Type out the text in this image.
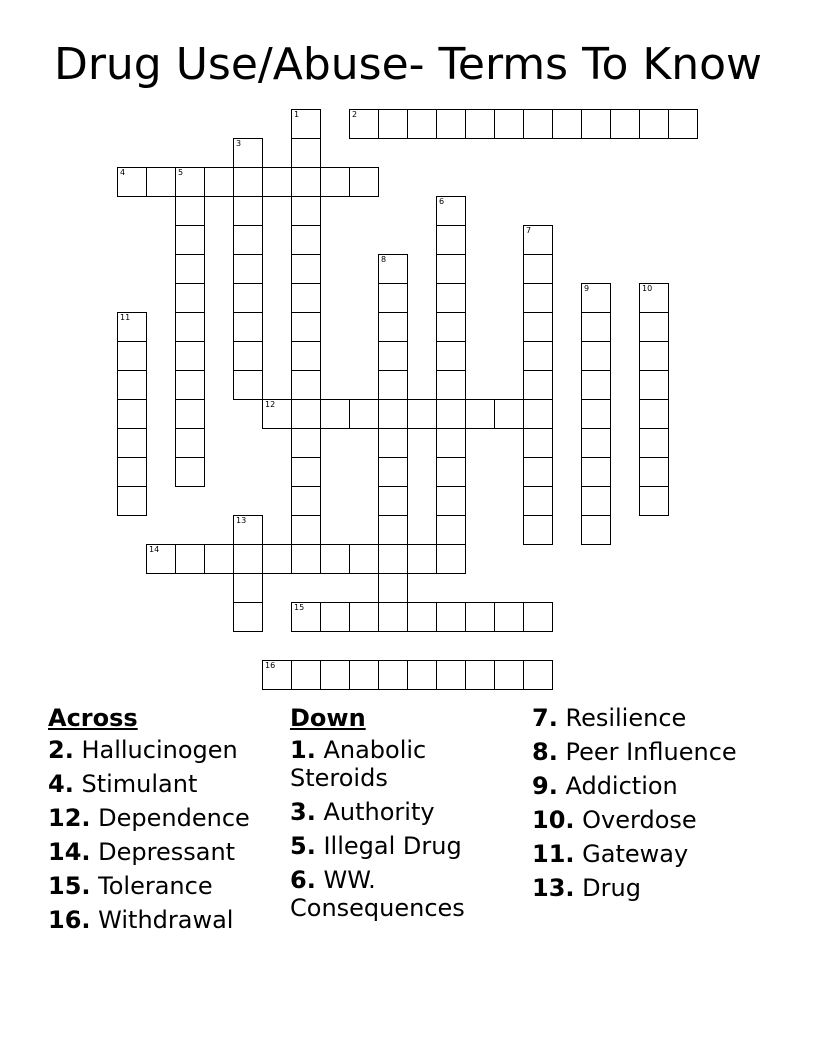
Drug Use/Abuse- Terms To Know
1	2
3
4	5
6
7
8
9	10
11
12
13
14
15
16
Across
2. Hallucinogen
4. Stimulant
12. Dependence
14. Depressant
15. Tolerance
16. Withdrawal
Down
1. Anabolic Steroids
3. Authority
5. Illegal Drug
6. WW. Consequences
7. Resilience
8. Peer Influence
9. Addiction
10. Overdose
11. Gateway
13. Drug
